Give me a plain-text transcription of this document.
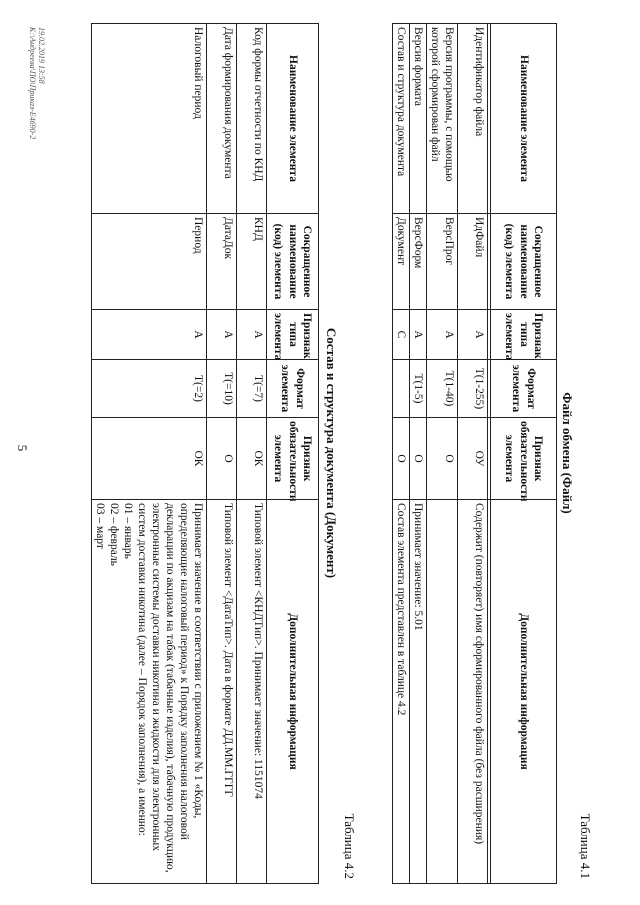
5
Таблица 4.1
Файл обмена (Файл)
Наименование элемента	Сокращенное наименование (код) элемента	Признак типа элемента	Формат элемента	Признак обязательности элемента	Дополнительная информация

Идентификатор файла	ИдФайл	А	T(1-255)	ОУ	Содержит (повторяет) имя сформированного файла (без расширения)
Версия программы, с помощью которой сформирован файл	ВерсПрог	А	T(1-40)	О	
Версия формата	ВерсФорм	А	T(1-5)	О	Принимает значение: 5.01
Состав и структура документа	Документ	С		О	Состав элемента представлен в таблице 4.2
Таблица 4.2
Состав и структура документа (Документ)
Наименование элемента	Сокращенное наименование (код) элемента	Признак типа элемента	Формат элемента	Признак обязательности элемента	Дополнительная информация
Код формы отчетности по КНД	КНД	А	T(=7)	ОК	Типовой элемент <КНДТип>. Принимает значение: 1151074
Дата формирования документа	ДатаДок	А	T(=10)	О	Типовой элемент <ДатаТип>. Дата в формате ДД.ММ.ГГГГ
Налоговый период	Период	А	T(=2)	ОК	Принимает значение в соответствии с приложением № 1 «Коды, определяющие налоговый период» к Порядку заполнения налоговой декларации по акцизам на табак (табачные изделия), табачную продукцию, электронные системы доставки никотина и жидкости для электронных систем доставки никотина (далее – Порядок заполнения), а именно:
01 – январь
02 – февраль
03 – март
19.02.2019 13:58
К:\Андреева\ПО\Приказ-Е4690-2
